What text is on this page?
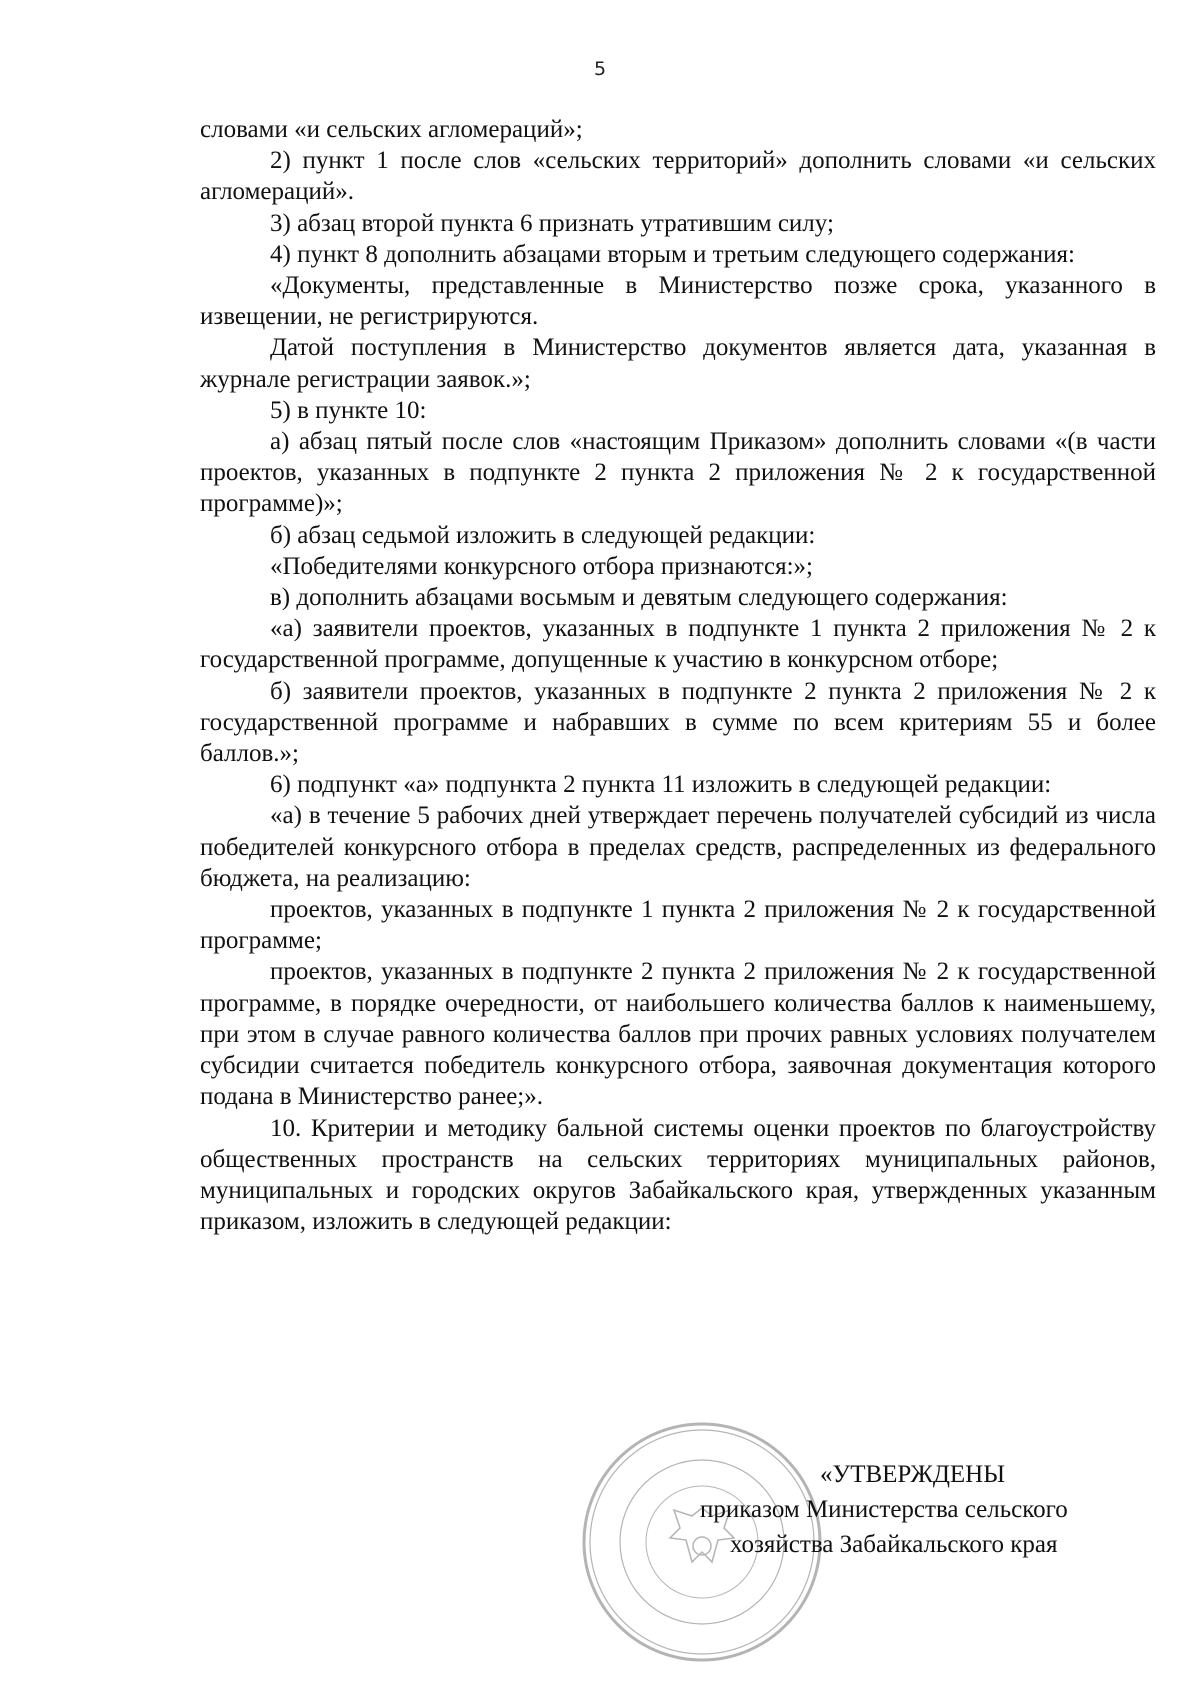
5

словами «и сельских агломераций»;

2) пункт 1 после слов «сельских территорий» дополнить словами «и сельских агломераций».

3) абзац второй пункта 6 признать утратившим силу;

4) пункт 8 дополнить абзацами вторым и третьим следующего содержания:

«Документы, представленные в Министерство позже срока, указанного в извещении, не регистрируются.

Датой поступления в Министерство документов является дата, указанная в журнале регистрации заявок.»;

5) в пункте 10:

а) абзац пятый после слов «настоящим Приказом» дополнить словами «(в части проектов, указанных в подпункте 2 пункта 2 приложения № 2 к государственной программе)»;

б) абзац седьмой изложить в следующей редакции:

«Победителями конкурсного отбора признаются:»;

в) дополнить абзацами восьмым и девятым следующего содержания:

«а) заявители проектов, указанных в подпункте 1 пункта 2 приложения № 2 к государственной программе, допущенные к участию в конкурсном отборе;

б) заявители проектов, указанных в подпункте 2 пункта 2 приложения № 2 к государственной программе и набравших в сумме по всем критериям 55 и более баллов.»;

6) подпункт «а» подпункта 2 пункта 11 изложить в следующей редакции:

«а) в течение 5 рабочих дней утверждает перечень получателей субсидий из числа победителей конкурсного отбора в пределах средств, распределенных из федерального бюджета, на реализацию:

проектов, указанных в подпункте 1 пункта 2 приложения № 2 к государственной программе;

проектов, указанных в подпункте 2 пункта 2 приложения № 2 к государственной программе, в порядке очередности, от наибольшего количества баллов к наименьшему, при этом в случае равного количества баллов при прочих равных условиях получателем субсидии считается победитель конкурсного отбора, заявочная документация которого подана в Министерство ранее;».

10. Критерии и методику бальной системы оценки проектов по благоустройству общественных пространств на сельских территориях муниципальных районов, муниципальных и городских округов Забайкальского края, утвержденных указанным приказом, изложить в следующей редакции:

«УТВЕРЖДЕНЫ
приказом Министерства сельского
хозяйства Забайкальского края
